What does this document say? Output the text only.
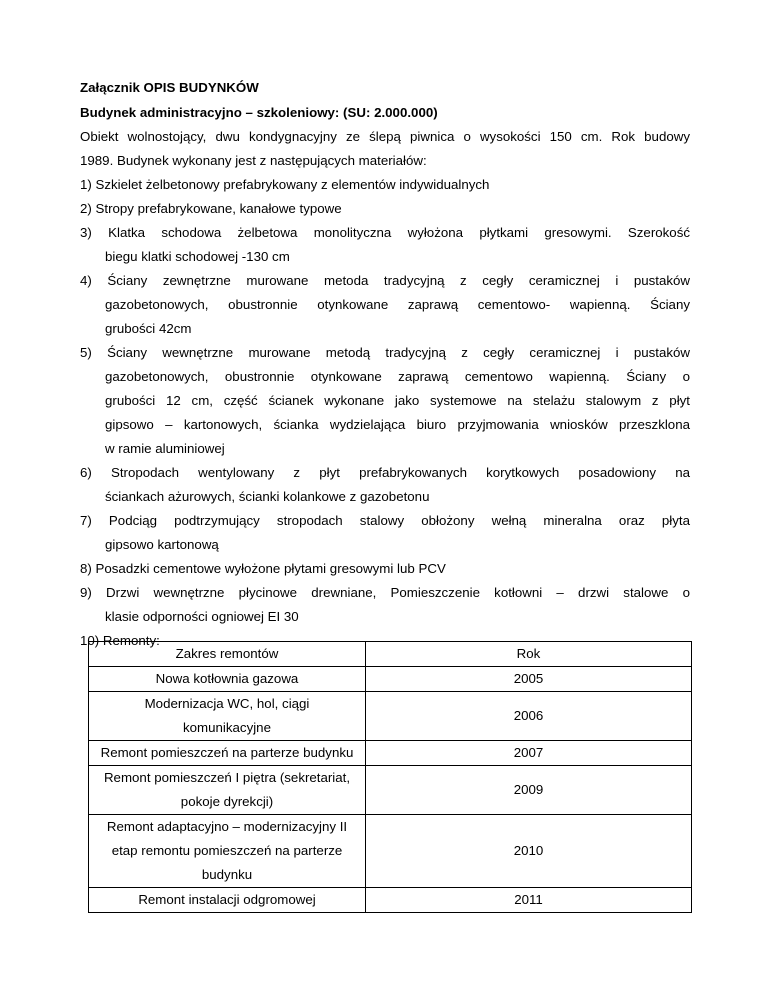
Załącznik OPIS BUDYNKÓW
Budynek administracyjno – szkoleniowy: (SU: 2.000.000)
Obiekt wolnostojący, dwu kondygnacyjny ze ślepą piwnica o wysokości 150 cm. Rok budowy
1989. Budynek wykonany jest z następujących materiałów:
1) Szkielet żelbetonowy prefabrykowany z elementów indywidualnych
2) Stropy prefabrykowane, kanałowe typowe
3) Klatka schodowa żelbetowa monolityczna wyłożona płytkami gresowymi. Szerokość
biegu klatki schodowej -130 cm
4) Ściany zewnętrzne murowane metoda tradycyjną z cegły ceramicznej i pustaków
gazobetonowych, obustronnie otynkowane zaprawą cementowo- wapienną. Ściany
grubości 42cm
5) Ściany wewnętrzne murowane metodą tradycyjną z cegły ceramicznej i pustaków
gazobetonowych, obustronnie otynkowane zaprawą cementowo wapienną. Ściany o
grubości 12 cm, część ścianek wykonane jako systemowe na stelażu stalowym z płyt
gipsowo – kartonowych, ścianka wydzielająca biuro przyjmowania wniosków przeszklona
w ramie aluminiowej
6) Stropodach wentylowany z płyt prefabrykowanych korytkowych posadowiony na
ściankach ażurowych, ścianki kolankowe z gazobetonu
7) Podciąg podtrzymujący stropodach stalowy obłożony wełną mineralna oraz płyta
gipsowo kartonową
8) Posadzki cementowe wyłożone płytami gresowymi lub PCV
9) Drzwi wewnętrzne płycinowe drewniane, Pomieszczenie kotłowni – drzwi stalowe o
klasie odporności ogniowej EI 30
10) Remonty:
Zakres remontów	Rok
Nowa kotłownia gazowa	2005
Modernizacja WC, hol, ciągi
komunikacyjne	2006
Remont pomieszczeń na parterze budynku	2007
Remont pomieszczeń I piętra (sekretariat,
pokoje dyrekcji)	2009
Remont adaptacyjno – modernizacyjny II
etap remontu pomieszczeń na parterze
budynku	2010
Remont instalacji odgromowej	2011
